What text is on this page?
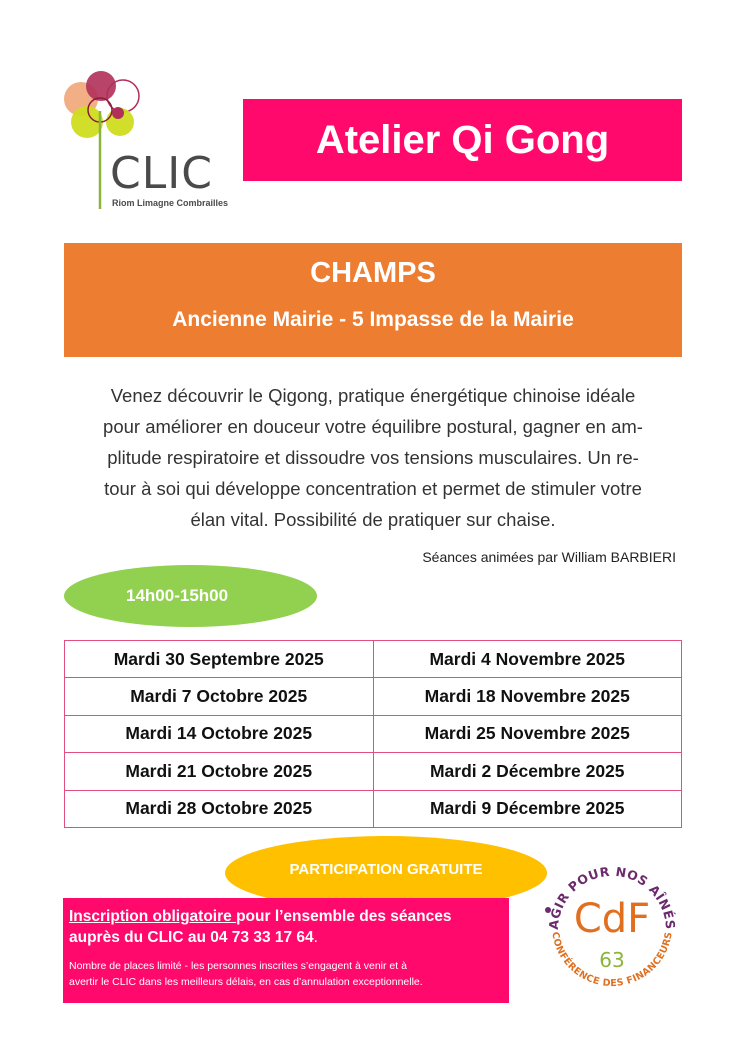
CLIC
Riom Limagne Combrailles
Atelier Qi Gong
CHAMPS
Ancienne Mairie - 5 Impasse de la Mairie
Venez découvrir le Qigong, pratique énergétique chinoise idéale
pour améliorer en douceur votre équilibre postural, gagner en am-
plitude respiratoire et dissoudre vos tensions musculaires. Un re-
tour à soi qui développe concentration et permet de stimuler votre
élan vital. Possibilité de pratiquer sur chaise.
Séances animées par William BARBIERI
14h00-15h00
Mardi 30 Septembre 2025	Mardi 4 Novembre 2025
Mardi 7 Octobre 2025	Mardi 18 Novembre 2025
Mardi 14 Octobre 2025	Mardi 25 Novembre 2025
Mardi 21 Octobre 2025	Mardi 2 Décembre 2025
Mardi 28 Octobre 2025	Mardi 9 Décembre 2025
PARTICIPATION GRATUITE
Inscription obligatoire pour l’ensemble des séances
auprès du CLIC au 04 73 33 17 64.
Nombre de places limité - les personnes inscrites s’engagent à venir et à
avertir le CLIC dans les meilleurs délais, en cas d’annulation exceptionnelle.
AGIR POUR NOS AÎNÉS
CONFÉRENCE DES FINANCEURS
CdF
63
